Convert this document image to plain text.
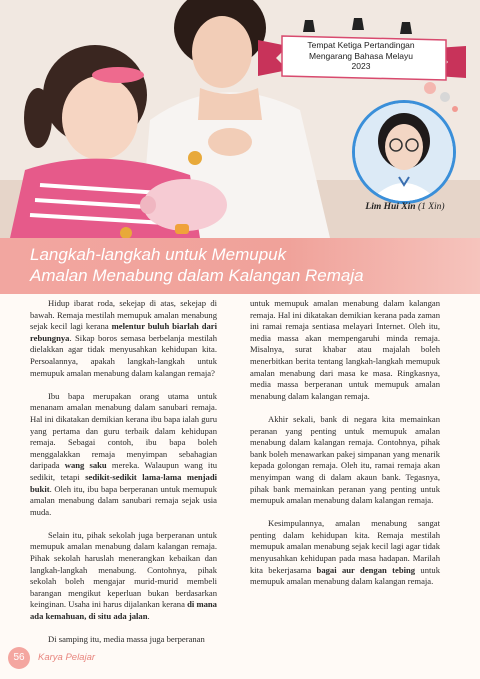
Tempat Ketiga Pertandingan
Mengarang Bahasa Melayu
2023
Lim Hui Xin (1 Xin)
Langkah-langkah untuk Memupuk
Amalan Menabung dalam Kalangan Remaja

Hidup ibarat roda, sekejap di atas, sekejap di bawah. Remaja mestilah memupuk amalan menabung sejak kecil lagi kerana melentur buluh biarlah dari rebungnya. Sikap boros semasa berbelanja mestilah dielakkan agar tidak menyusahkan kehidupan kita. Persoalannya, apakah langkah-langkah untuk memupuk amalan menabung dalam kalangan remaja?

Ibu bapa merupakan orang utama untuk menanam amalan menabung dalam sanubari remaja. Hal ini dikatakan demikian kerana ibu bapa ialah guru yang pertama dan guru terbaik dalam kehidupan remaja. Sebagai contoh, ibu bapa boleh menggalakkan remaja menyimpan sebahagian daripada wang saku mereka. Walaupun wang itu sedikit, tetapi sedikit-sedikit lama-lama menjadi bukit. Oleh itu, ibu bapa berperanan untuk memupuk amalan menabung dalam sanubari remaja sejak usia muda.

Selain itu, pihak sekolah juga berperanan untuk memupuk amalan menabung dalam kalangan remaja. Pihak sekolah haruslah menerangkan kebaikan dan langkah-langkah menabung. Contohnya, pihak sekolah boleh mengajar murid-murid membeli barangan mengikut keperluan bukan berdasarkan keinginan. Usaha ini harus dijalankan kerana di mana ada kemahuan, di situ ada jalan.

Di samping itu, media massa juga berperanan

untuk memupuk amalan menabung dalam kalangan remaja. Hal ini dikatakan demikian kerana pada zaman ini ramai remaja sentiasa melayari Internet. Oleh itu, media massa akan mempengaruhi minda remaja. Misalnya, surat khabar atau majalah boleh menerbitkan berita tentang langkah-langkah memupuk amalan menabung dari masa ke masa. Ringkasnya, media massa berperanan untuk memupuk amalan menabung dalam kalangan remaja.

Akhir sekali, bank di negara kita memainkan peranan yang penting untuk memupuk amalan menabung dalam kalangan remaja. Contohnya, pihak bank boleh menawarkan pakej simpanan yang menarik kepada golongan remaja. Oleh itu, ramai remaja akan menyimpan wang di dalam akaun bank. Tegasnya, pihak bank memainkan peranan yang penting untuk memupuk amalan menabung dalam kalangan remaja.

Kesimpulannya, amalan menabung sangat penting dalam kehidupan kita. Remaja mestilah memupuk amalan menabung sejak kecil lagi agar tidak menyusahkan kehidupan pada masa hadapan. Marilah kita bekerjasama bagai aur dengan tebing untuk memupuk amalan menabung dalam kalangan remaja.

56	Karya Pelajar
